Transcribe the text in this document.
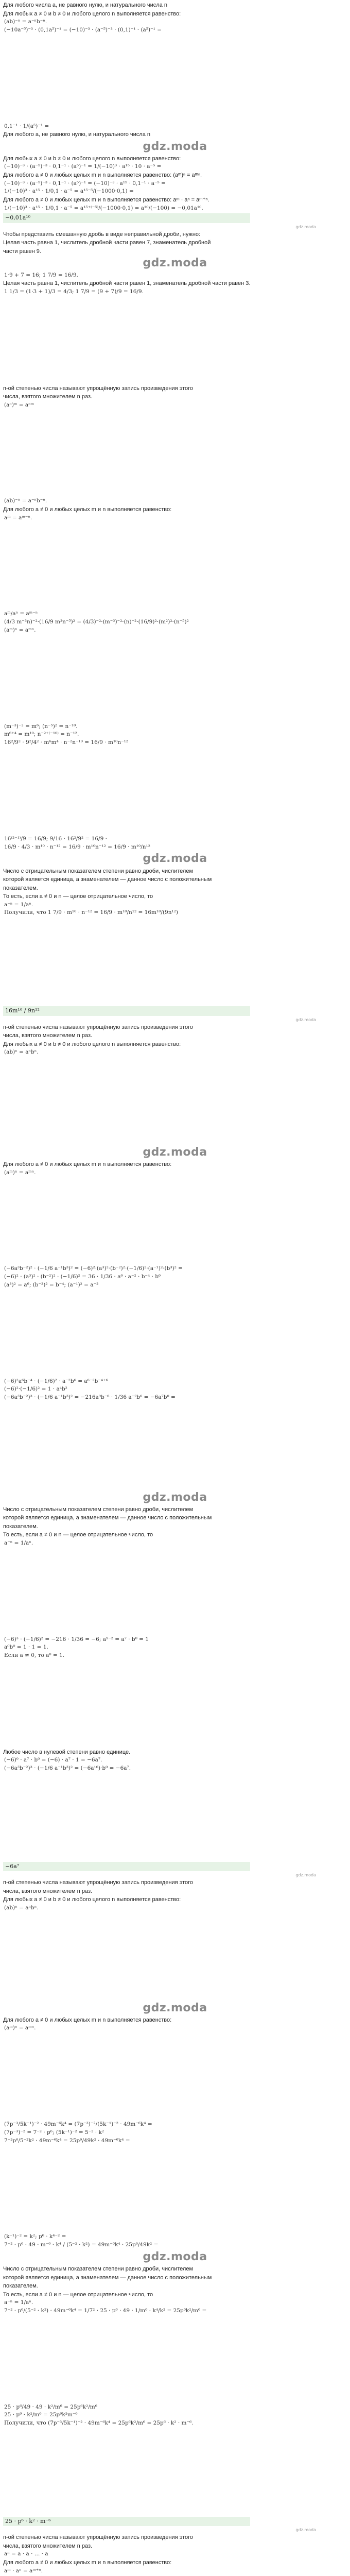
Для любого числа a, не равного нулю, и натурального числа n
Для любых a ≠ 0 и b ≠ 0 и любого целого n выполняется равенство:
(ab)⁻ⁿ = a⁻ⁿb⁻ⁿ.
(−10a⁻⁵)⁻³ · (0,1a⁵)⁻¹ = (−10)⁻³ · (a⁻⁵)⁻³ · (0,1)⁻¹ · (a⁵)⁻¹ =
0,1⁻¹ · 1/(a⁵)⁻¹ =
Для любого a, не равного нулю, и натурального числа n
gdz.moda
Для любых a ≠ 0 и b ≠ 0 и любого целого n выполняется равенство:
(−10)⁻³ · (a⁻⁵)⁻³ · 0,1⁻¹ · (a⁵)⁻¹ = 1/(−10)³ · a¹⁵ · 10 · a⁻⁵ =
Для любого a ≠ 0 и любых целых m и n выполняется равенство: (aᵐ)ⁿ = aᵐⁿ.
(−10)⁻³ · (a⁻⁵)⁻³ · 0,1⁻¹ · (a⁵)⁻¹ = (−10)⁻³ · a¹⁵ · 0,1⁻¹ · a⁻⁵ =
1/(−10)³ · a¹⁵ · 1/0,1 · a⁻⁵ = a¹⁵⁻⁵/(−1000·0,1) =
Для любого a ≠ 0 и любых целых m и n выполняется равенство: aᵐ · aⁿ = aᵐ⁺ⁿ.
1/(−10)³ · a¹⁵ · 1/0,1 · a⁻⁵ = a¹⁵⁺⁽⁻⁵⁾/(−1000·0,1) = a¹⁰/(−100) = −0,01a¹⁰.
−0,01a¹⁰
gdz.moda
Чтобы представить смешанную дробь в виде неправильной дроби, нужно:
Целая часть равна 1, числитель дробной части равен 7, знаменатель дробной
части равен 9.
gdz.moda
1·9 + 7 = 16; 1 7/9 = 16/9.
Целая часть равна 1, числитель дробной части равен 1, знаменатель дробной части равен 3.
1 1/3 = (1·3 + 1)/3 = 4/3; 1 7/9 = (9 + 7)/9 = 16/9.
п-ой степенью числа называют упрощённую запись произведения этого
числа, взятого множителем n раз.
(aⁿ)ᵐ = aⁿᵐ
(ab)⁻ⁿ = a⁻ⁿb⁻ⁿ.
Для любого a ≠ 0 и любых целых m и n выполняется равенство:
aᵐ = aᵐ⁻ⁿ.
aᵐ/aⁿ = aᵐ⁻ⁿ
(4/3 m⁻³n)⁻²·(16/9 m²n⁻⁵)² = (4/3)⁻²·(m⁻³)⁻²·(n)⁻²·(16/9)²·(m²)²·(n⁻⁵)²
(aᵐ)ⁿ = aᵐⁿ.
(m⁻³)⁻² = m⁶; (n⁻⁵)² = n⁻¹⁰.
m⁶⁺⁴ = m¹⁰; n⁻²⁺⁽⁻¹⁰⁾ = n⁻¹².
16²/9² · 9²/4² · m⁶m⁴ · n⁻²n⁻¹⁰ = 16/9 · m¹⁰n⁻¹²
16⁽²⁻¹⁾/9 = 16/9; 9/16 · 16²/9² = 16/9 ·
16/9 · 4/3 · m¹⁰ · n⁻¹² = 16/9 · m¹⁰n⁻¹² = 16/9 · m¹⁰/n¹²
gdz.moda
Число с отрицательным показателем степени равно дроби, числителем
которой является единица, а знаменателем — данное число с положительным
показателем.
То есть, если a ≠ 0 и n — целое отрицательное число, то
a⁻ⁿ = 1/aⁿ.
Получили, что 1 7/9 · m¹⁰ · n⁻¹² = 16/9 · m¹⁰/n¹² = 16m¹⁰/(9n¹²)
16m¹⁰ / 9n¹²
gdz.moda
п-ой степенью числа называют упрощённую запись произведения этого
числа, взятого множителем n раз.
Для любых a ≠ 0 и b ≠ 0 и любого целого n выполняется равенство:
(ab)ⁿ = aⁿbⁿ.
gdz.moda
Для любого a ≠ 0 и любых целых m и n выполняется равенство:
(aᵐ)ⁿ = aᵐⁿ.
(−6a³b⁻²)² · (−1/6 a⁻¹b³)² = (−6)²·(a³)²·(b⁻²)²·(−1/6)²·(a⁻¹)²·(b³)² =
(−6)² · (a³)² · (b⁻²)² · (−1/6)² = 36 · 1/36 · a⁶ · a⁻² · b⁻⁴ · b⁶
(a³)² = a⁶; (b⁻²)² = b⁻⁴; (a⁻¹)² = a⁻²
(−6)²a⁶b⁻⁴ · (−1/6)² · a⁻²b⁶ = a⁶⁻²b⁻⁴⁺⁶
(−6)²·(−1/6)² = 1 · a⁴b²
(−6a³b⁻²)³ · (−1/6 a⁻¹b³)² = −216a⁹b⁻⁶ · 1/36 a⁻²b⁶ = −6a⁷b⁰ =
gdz.moda
Число с отрицательным показателем степени равно дроби, числителем
которой является единица, а знаменателем — данное число с положительным
показателем.
То есть, если a ≠ 0 и n — целое отрицательное число, то
a⁻ⁿ = 1/aⁿ.
(−6)³ · (−1/6)² = −216 · 1/36 = −6; a⁹⁻² = a⁷ · b⁰ = 1
a⁰b⁰ = 1 · 1 = 1.
Если a ≠ 0, то a⁰ = 1.
Любое число в нулевой степени равно единице.
(−6)⁰ · a⁷ · b⁰ = (−6) · a⁷ · 1 = −6a⁷.
(−6a³b⁻²)³ · (−1/6 a⁻¹b³)² = (−6a¹⁶)·b⁰ = −6a⁷.
−6a⁷
gdz.moda
п-ой степенью числа называют упрощённую запись произведения этого
числа, взятого множителем n раз.
Для любых a ≠ 0 и b ≠ 0 и любого целого n выполняется равенство:
(ab)ⁿ = aⁿbⁿ.
gdz.moda
Для любого a ≠ 0 и любых целых m и n выполняется равенство:
(aᵐ)ⁿ = aᵐⁿ.
(7p⁻³/5k⁻¹)⁻² · 49m⁻⁶k⁴ = (7p⁻³)⁻²/(5k⁻¹)⁻² · 49m⁻⁶k⁴ =
(7p⁻³)⁻² = 7⁻² · p⁶; (5k⁻¹)⁻² = 5⁻² · k²
7⁻²p⁶/5⁻²k² · 49m⁻⁶k⁴ = 25p⁶/49k² · 49m⁻⁶k⁴ =
(k⁻¹)⁻² = k²; p⁶ · k⁴⁻² =
7⁻² · p⁶ · 49 · m⁻⁶ · k⁴ / (5⁻² · k²) = 49m⁻⁶k⁴ · 25p⁶/49k² =
gdz.moda
Число с отрицательным показателем степени равно дроби, числителем
которой является единица, а знаменателем — данное число с положительным
показателем.
То есть, если a ≠ 0 и n — целое отрицательное число, то
a⁻ⁿ = 1/aⁿ.
7⁻² · p⁶/(5⁻² · k²) · 49m⁻⁶k⁴ = 1/7² · 25 · p⁶ · 49 · 1/m⁶ · k⁴/k² = 25p⁶k²/m⁶ =
25 · p⁶/49 · 49 · k²/m⁶ = 25p⁶k²/m⁶
25 · p⁶ · k²/m⁶ = 25p⁶k²m⁻⁶
Получили, что (7p⁻³/5k⁻¹)⁻² · 49m⁻⁶k⁴ = 25p⁶k²/m⁶ = 25p⁶ · k² · m⁻⁶.
25 · p⁶ · k² · m⁻⁶
gdz.moda
п-ой степенью числа называют упрощённую запись произведения этого
числа, взятого множителем n раз.
aⁿ = a · a · … · a
Для любого a ≠ 0 и любых целых m и n выполняется равенство:
aᵐ · aⁿ = aᵐ⁺ⁿ.
